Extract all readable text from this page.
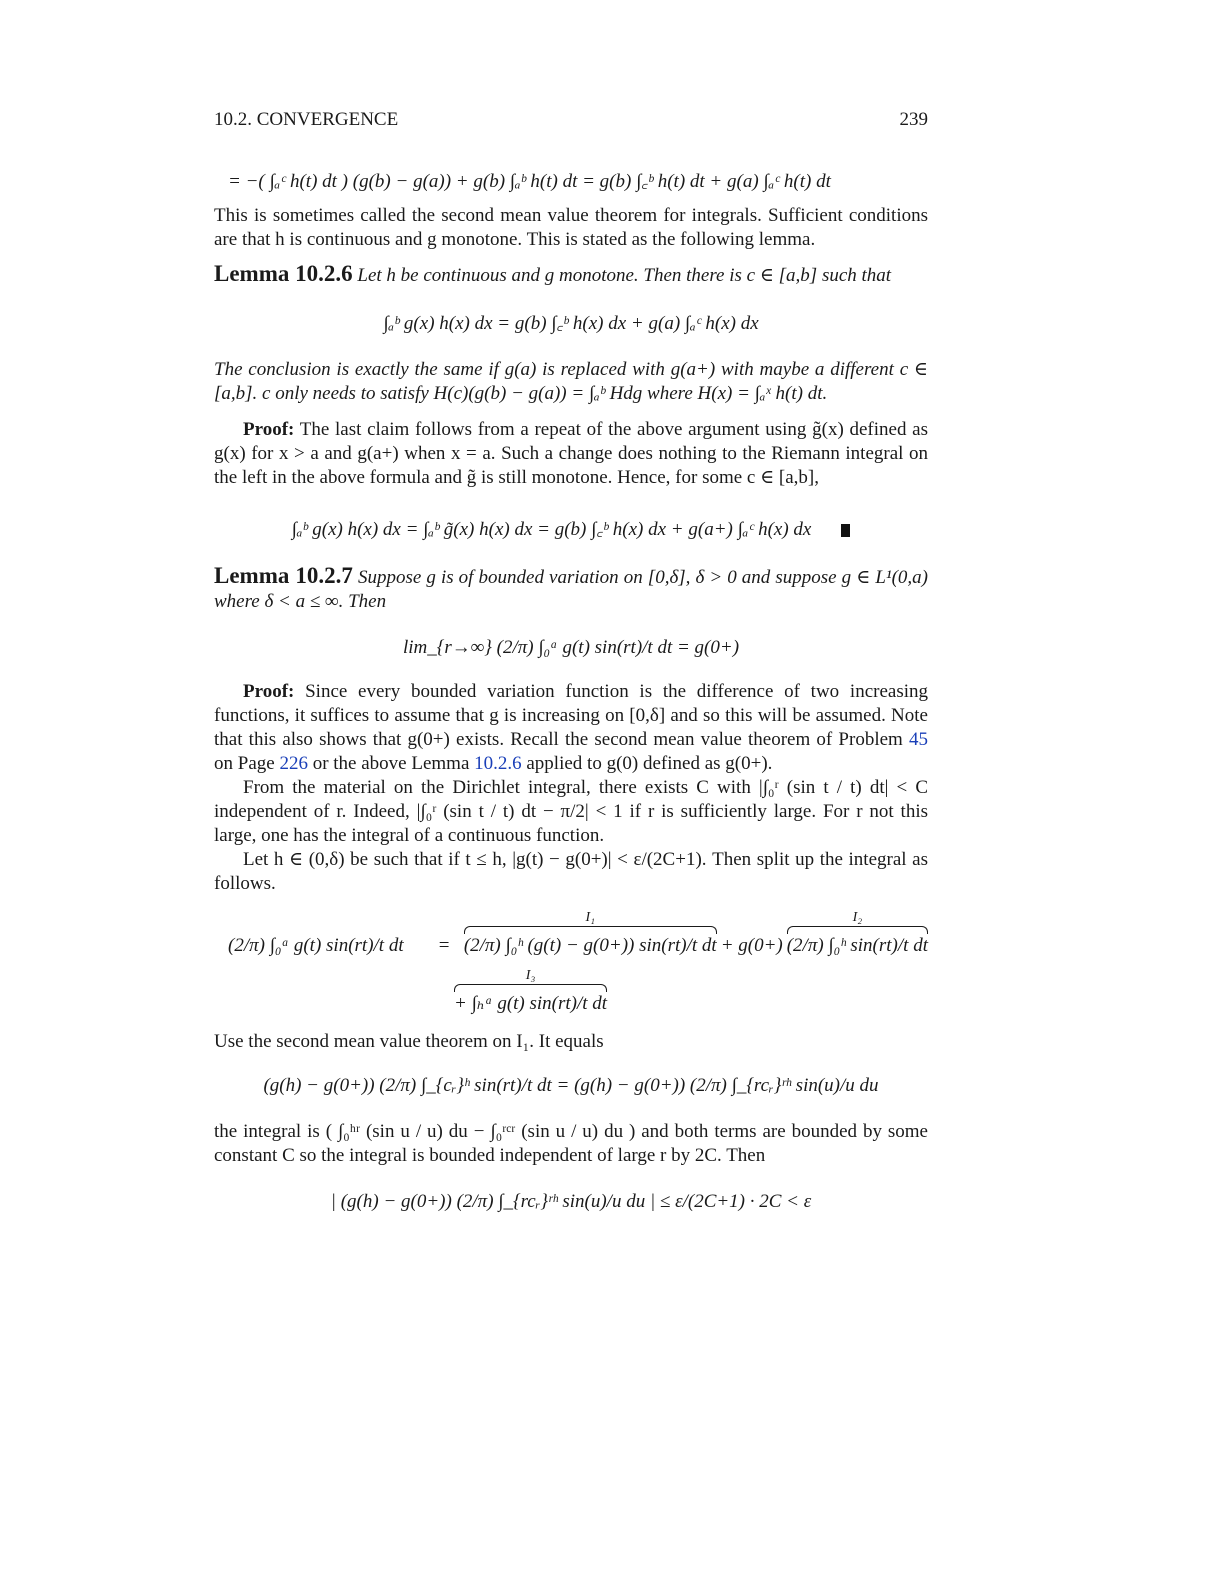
10.2. CONVERGENCE	239

= −( ∫ₐᶜ h(t) dt ) (g(b) − g(a)) + g(b) ∫ₐᵇ h(t) dt = g(b) ∫꜀ᵇ h(t) dt + g(a) ∫ₐᶜ h(t) dt

This is sometimes called the second mean value theorem for integrals. Sufficient conditions are that h is continuous and g monotone. This is stated as the following lemma.

Lemma 10.2.6 Let h be continuous and g monotone. Then there is c ∈ [a,b] such that

∫ₐᵇ g(x) h(x) dx = g(b) ∫꜀ᵇ h(x) dx + g(a) ∫ₐᶜ h(x) dx

The conclusion is exactly the same if g(a) is replaced with g(a+) with maybe a different c ∈ [a,b]. c only needs to satisfy H(c)(g(b) − g(a)) = ∫ₐᵇ Hdg where H(x) = ∫ₐˣ h(t) dt.

Proof: The last claim follows from a repeat of the above argument using g̃(x) defined as g(x) for x > a and g(a+) when x = a. Such a change does nothing to the Riemann integral on the left in the above formula and g̃ is still monotone. Hence, for some c ∈ [a,b],

∫ₐᵇ g(x) h(x) dx = ∫ₐᵇ g̃(x) h(x) dx = g(b) ∫꜀ᵇ h(x) dx + g(a+) ∫ₐᶜ h(x) dx

Lemma 10.2.7 Suppose g is of bounded variation on [0,δ], δ > 0 and suppose g ∈ L¹(0,a) where δ < a ≤ ∞. Then

lim_{r→∞} (2/π) ∫₀ᵃ g(t) sin(rt)/t dt = g(0+)

Proof: Since every bounded variation function is the difference of two increasing functions, it suffices to assume that g is increasing on [0,δ] and so this will be assumed. Note that this also shows that g(0+) exists. Recall the second mean value theorem of Problem 45 on Page 226 or the above Lemma 10.2.6 applied to g(0) defined as g(0+).

From the material on the Dirichlet integral, there exists C with |∫₀ʳ (sin t / t) dt| < C independent of r. Indeed, |∫₀ʳ (sin t / t) dt − π/2| < 1 if r is sufficiently large. For r not this large, one has the integral of a continuous function.

Let h ∈ (0,δ) be such that if t ≤ h, |g(t) − g(0+)| < ε/(2C+1). Then split up the integral as follows.

(2/π) ∫₀ᵃ g(t) sin(rt)/t dt	=
I₁
(2/π) ∫₀ʰ (g(t) − g(0+)) sin(rt)/t dt + g(0+)
I₂
(2/π) ∫₀ʰ sin(rt)/t dt
I₃
+ ∫ₕᵃ g(t) sin(rt)/t dt

Use the second mean value theorem on I₁. It equals

(g(h) − g(0+)) (2/π) ∫_{cᵣ}ʰ sin(rt)/t dt = (g(h) − g(0+)) (2/π) ∫_{rcᵣ}ʳʰ sin(u)/u du

the integral is ( ∫₀ʰʳ (sin u / u) du − ∫₀ʳᶜʳ (sin u / u) du ) and both terms are bounded by some constant C so the integral is bounded independent of large r by 2C. Then

| (g(h) − g(0+)) (2/π) ∫_{rcᵣ}ʳʰ sin(u)/u du | ≤ ε/(2C+1) · 2C < ε
